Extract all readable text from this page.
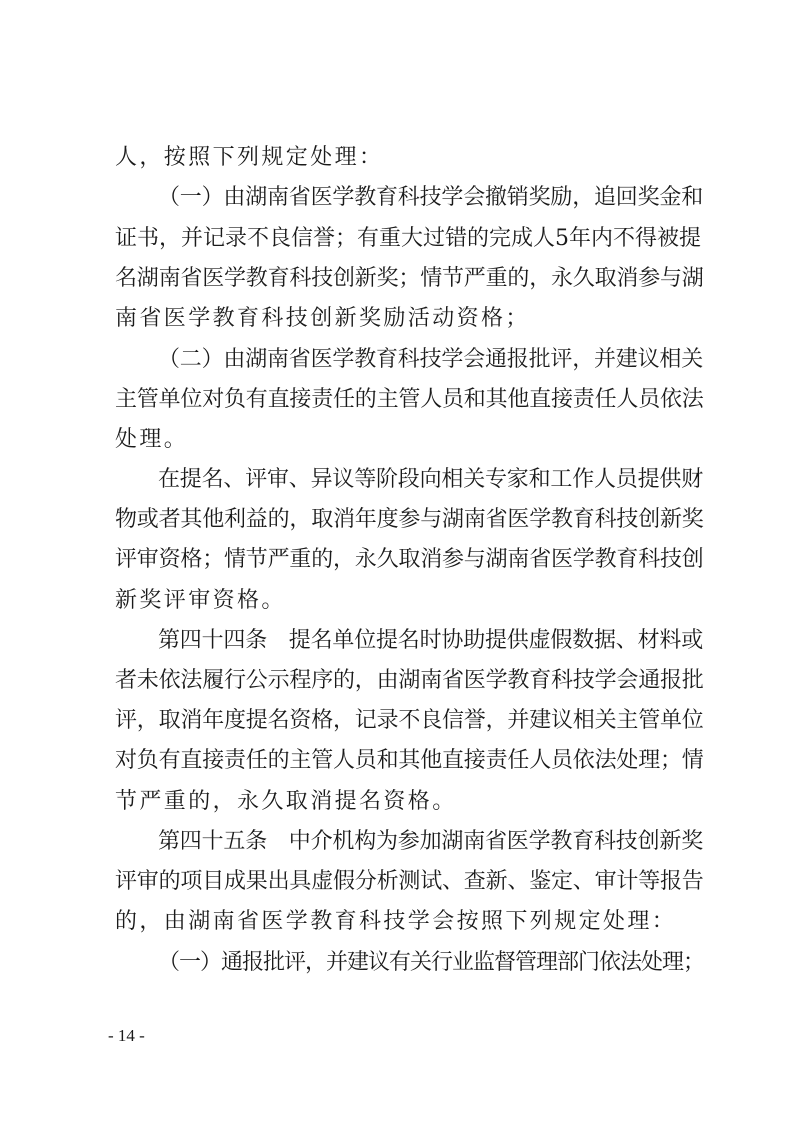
人，按照下列规定处理：
（一）由湖南省医学教育科技学会撤销奖励，追回奖金和
证书，并记录不良信誉；有重大过错的完成人5年内不得被提
名湖南省医学教育科技创新奖；情节严重的，永久取消参与湖
南省医学教育科技创新奖励活动资格；
（二）由湖南省医学教育科技学会通报批评，并建议相关
主管单位对负有直接责任的主管人员和其他直接责任人员依法
处理。
在提名、评审、异议等阶段向相关专家和工作人员提供财
物或者其他利益的，取消年度参与湖南省医学教育科技创新奖
评审资格；情节严重的，永久取消参与湖南省医学教育科技创
新奖评审资格。
第四十四条　提名单位提名时协助提供虚假数据、材料或
者未依法履行公示程序的，由湖南省医学教育科技学会通报批
评，取消年度提名资格，记录不良信誉，并建议相关主管单位
对负有直接责任的主管人员和其他直接责任人员依法处理；情
节严重的，永久取消提名资格。
第四十五条　中介机构为参加湖南省医学教育科技创新奖
评审的项目成果出具虚假分析测试、查新、鉴定、审计等报告
的，由湖南省医学教育科技学会按照下列规定处理：
（一）通报批评，并建议有关行业监督管理部门依法处理；
- 14 -
